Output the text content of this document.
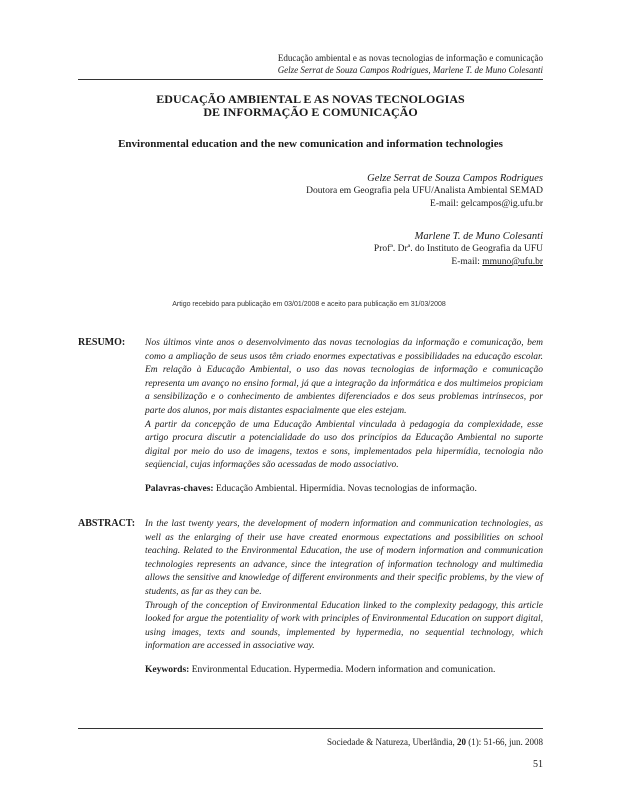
Educação ambiental e as novas tecnologias de informação e comunicação
Gelze Serrat de Souza Campos Rodrigues, Marlene T. de Muno Colesanti
EDUCAÇÃO AMBIENTAL E AS NOVAS TECNOLOGIAS
DE INFORMAÇÃO E COMUNICAÇÃO
Environmental education and the new comunication and information technologies
Gelze Serrat de Souza Campos Rodrigues
Doutora em Geografia pela UFU/Analista Ambiental SEMAD
E-mail: gelcampos@ig.ufu.br
Marlene T. de Muno Colesanti
Profª. Drª. do Instituto de Geografia da UFU
E-mail: mmuno@ufu.br
Artigo recebido para publicação em 03/01/2008 e aceito para publicação em 31/03/2008
RESUMO: Nos últimos vinte anos o desenvolvimento das novas tecnologias da informação e comunicação, bem como a ampliação de seus usos têm criado enormes expectativas e possibilidades na educação escolar. Em relação à Educação Ambiental, o uso das novas tecnologias de informação e comunicação representa um avanço no ensino formal, já que a integração da informática e dos multimeios propiciam a sensibilização e o conhecimento de ambientes diferenciados e dos seus problemas intrínsecos, por parte dos alunos, por mais distantes espacialmente que eles estejam.

A partir da concepção de uma Educação Ambiental vinculada à pedagogia da complexidade, esse artigo procura discutir a potencialidade do uso dos princípios da Educação Ambiental no suporte digital por meio do uso de imagens, textos e sons, implementados pela hipermídia, tecnologia não seqüencial, cujas informações são acessadas de modo associativo.

Palavras-chaves: Educação Ambiental. Hipermídia. Novas tecnologias de informação.
ABSTRACT: In the last twenty years, the development of modern information and communication technologies, as well as the enlarging of their use have created enormous expectations and possibilities on school teaching. Related to the Environmental Education, the use of modern information and communication technologies represents an advance, since the integration of information technology and multimedia allows the sensitive and knowledge of different environments and their specific problems, by the view of students, as far as they can be.

Through of the conception of Environmental Education linked to the complexity pedagogy, this article looked for argue the potentiality of work with principles of Environmental Education on support digital, using images, texts and sounds, implemented by hypermedia, no sequential technology, which information are accessed in associative way.

Keywords: Environmental Education. Hypermedia. Modern information and comunication.
Sociedade & Natureza, Uberlândia, 20 (1): 51-66, jun. 2008
51
